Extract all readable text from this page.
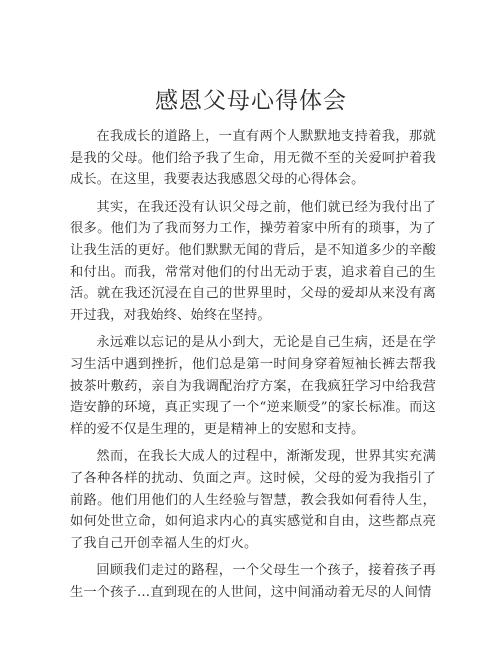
感恩父母心得体会

在我成长的道路上，一直有两个人默默地支持着我，那就是我的父母。他们给予我了生命，用无微不至的关爱呵护着我成长。在这里，我要表达我感恩父母的心得体会。

其实，在我还没有认识父母之前，他们就已经为我付出了很多。他们为了我而努力工作，操劳着家中所有的琐事，为了让我生活的更好。他们默默无闻的背后，是不知道多少的辛酸和付出。而我，常常对他们的付出无动于衷，追求着自己的生活。就在我还沉浸在自己的世界里时，父母的爱却从来没有离开过我，对我始终、始终在坚持。

永远难以忘记的是从小到大，无论是自己生病，还是在学习生活中遇到挫折，他们总是第一时间身穿着短袖长裤去帮我披茶叶敷药，亲自为我调配治疗方案，在我疯狂学习中给我营造安静的环境，真正实现了一个“逆来顺受”的家长标准。而这样的爱不仅是生理的，更是精神上的安慰和支持。

然而，在我长大成人的过程中，渐渐发现，世界其实充满了各种各样的扰动、负面之声。这时候，父母的爱为我指引了前路。他们用他们的人生经验与智慧，教会我如何看待人生，如何处世立命，如何追求内心的真实感觉和自由，这些都点亮了我自己开创幸福人生的灯火。

回顾我们走过的路程，一个父母生一个孩子，接着孩子再生一个孩子…直到现在的人世间，这中间涌动着无尽的人间情
